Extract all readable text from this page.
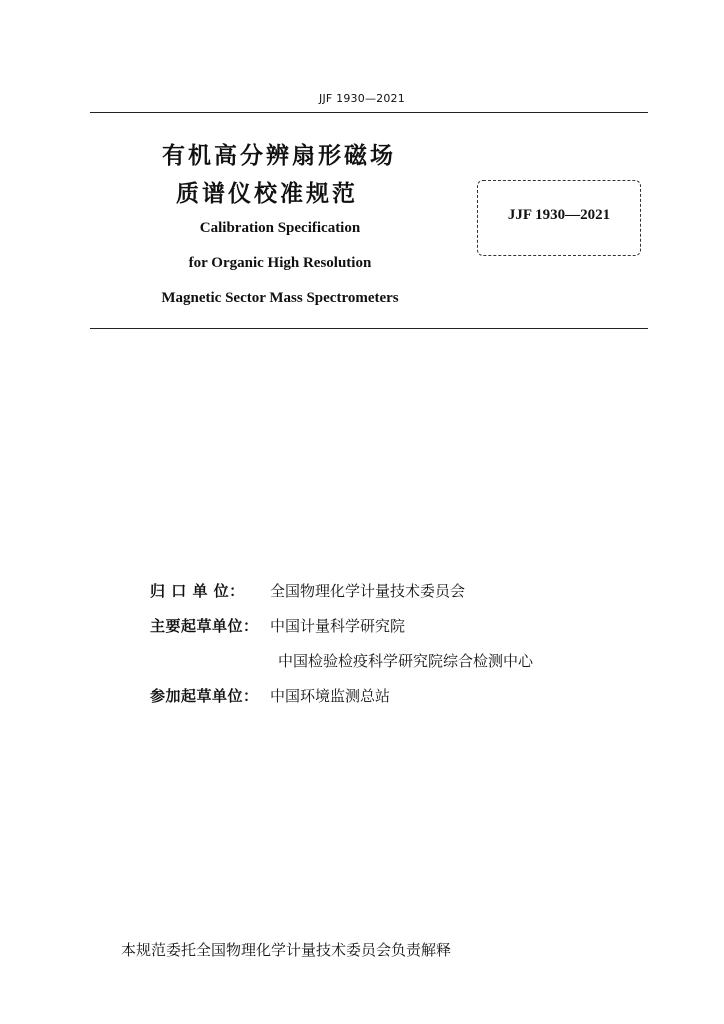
JJF 1930—2021
有机高分辨扇形磁场
质谱仪校准规范
Calibration Specification
for Organic High Resolution
Magnetic Sector Mass Spectrometers
JJF 1930—2021
归 口 单 位：	全国物理化学计量技术委员会
主要起草单位： 中国计量科学研究院
中国检验检疫科学研究院综合检测中心
参加起草单位： 中国环境监测总站
本规范委托全国物理化学计量技术委员会负责解释
